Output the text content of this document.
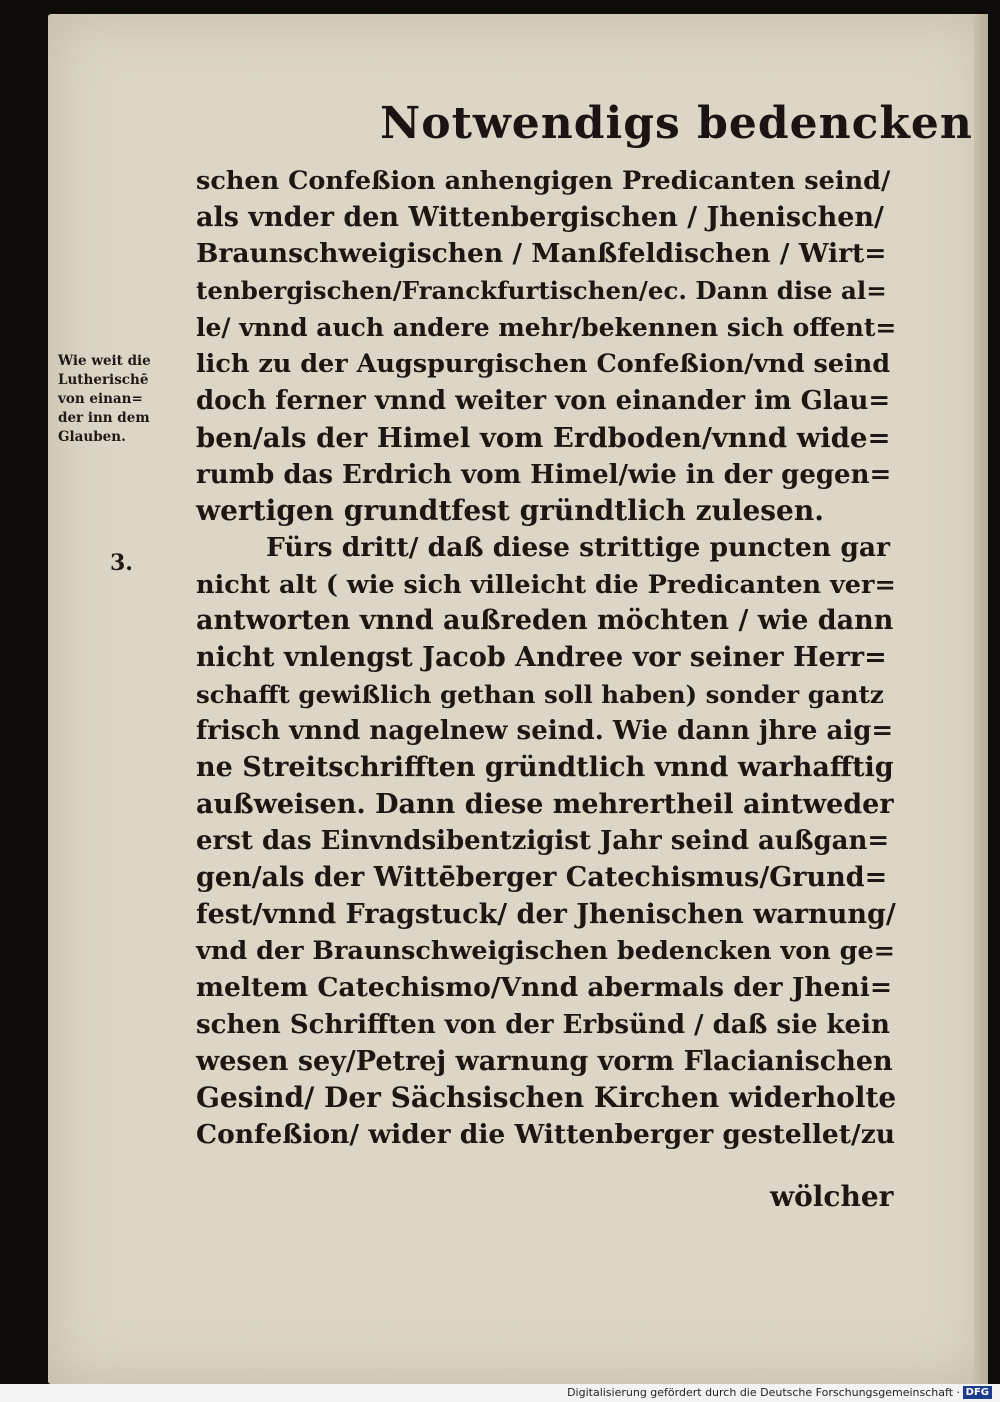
Notwendigs bedencken
Wie weit die
Lutherischē
von einan=
der inn dem
Glauben.
3.
schen Confeßion anhengigen Predicanten seind/
als vnder den Wittenbergischen / Jhenischen/
Braunschweigischen / Manßfeldischen / Wirt=
tenbergischen/Franckfurtischen/ec. Dann dise al=
le/ vnnd auch andere mehr/bekennen sich offent=
lich zu der Augspurgischen Confeßion/vnd seind
doch ferner vnnd weiter von einander im Glau=
ben/als der Himel vom Erdboden/vnnd wide=
rumb das Erdrich vom Himel/wie in der gegen=
wertigen grundtfest gründtlich zulesen.
Fürs dritt/ daß diese strittige puncten gar
nicht alt ( wie sich villeicht die Predicanten ver=
antworten vnnd außreden möchten / wie dann
nicht vnlengst Jacob Andree vor seiner Herr=
schafft gewißlich gethan soll haben) sonder gantz
frisch vnnd nagelnew seind. Wie dann jhre aig=
ne Streitschrifften gründtlich vnnd warhafftig
außweisen. Dann diese mehrertheil aintweder
erst das Einvndsibentzigist Jahr seind außgan=
gen/als der Wittēberger Catechismus/Grund=
fest/vnnd Fragstuck/ der Jhenischen warnung/
vnd der Braunschweigischen bedencken von ge=
meltem Catechismo/Vnnd abermals der Jheni=
schen Schrifften von der Erbsünd / daß sie kein
wesen sey/Petrej warnung vorm Flacianischen
Gesind/ Der Sächsischen Kirchen widerholte
Confeßion/ wider die Wittenberger gestellet/zu
wölcher
Digitalisierung gefördert durch die Deutsche Forschungsgemeinschaft · DFG
